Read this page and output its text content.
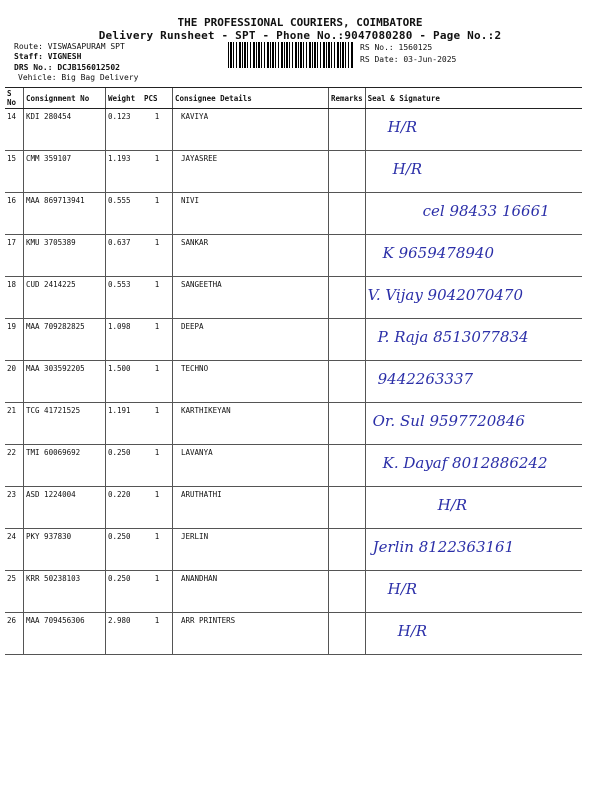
THE PROFESSIONAL COURIERS, COIMBATORE
Delivery Runsheet - SPT - Phone No.:9047080280 - Page No.:2
Route: VISWASAPURAM SPT
Staff: VIGNESH
DRS No.: DCJB156012502
Vehicle: Big Bag Delivery
RS No.: 1560125
RS Date: 03-Jun-2025
S No	Consignment No	Weight	PCS	Consignee Details	Remarks	Seal & Signature
14	KDI 280454	0.123	1	KAVIYA		H/R
15	CMM 359107	1.193	1	JAYASREE		H/R
16	MAA 869713941	0.555	1	NIVI		cel 98433 16661
17	KMU 3705389	0.637	1	SANKAR		K 9659478940
18	CUD 2414225	0.553	1	SANGEETHA		V. Vijay 9042070470
19	MAA 709282825	1.098	1	DEEPA		P. Raja 8513077834
20	MAA 303592205	1.500	1	TECHNO		9442263337
21	TCG 41721525	1.191	1	KARTHIKEYAN		Or. Sul 9597720846
22	TMI 60069692	0.250	1	LAVANYA		K. Dayaf 8012886242
23	ASD 1224004	0.220	1	ARUTHATHI		H/R
24	PKY 937830	0.250	1	JERLIN		Jerlin 8122363161
25	KRR 50238103	0.250	1	ANANDHAN		H/R
26	MAA 709456306	2.980	1	ARR PRINTERS		H/R
